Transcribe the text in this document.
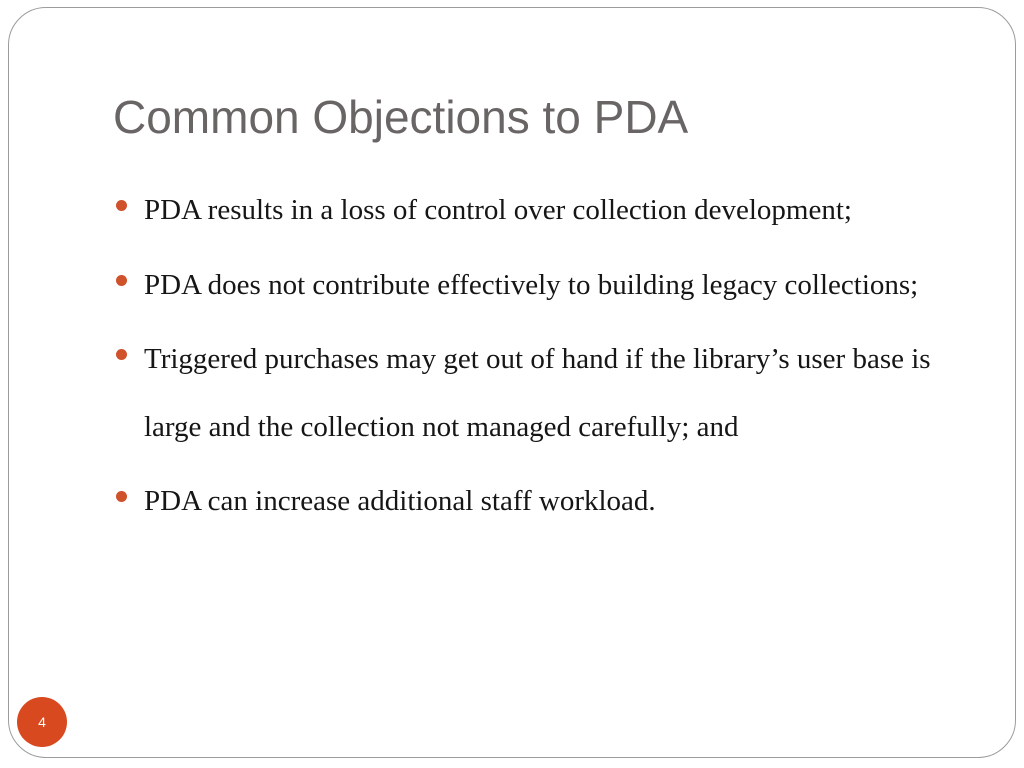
Common Objections to PDA
PDA results in a loss of control over collection development;
PDA does not contribute effectively to building legacy collections;
Triggered purchases may get out of hand if the library’s user base is large and the collection not managed carefully; and
PDA can increase additional staff workload.
4
